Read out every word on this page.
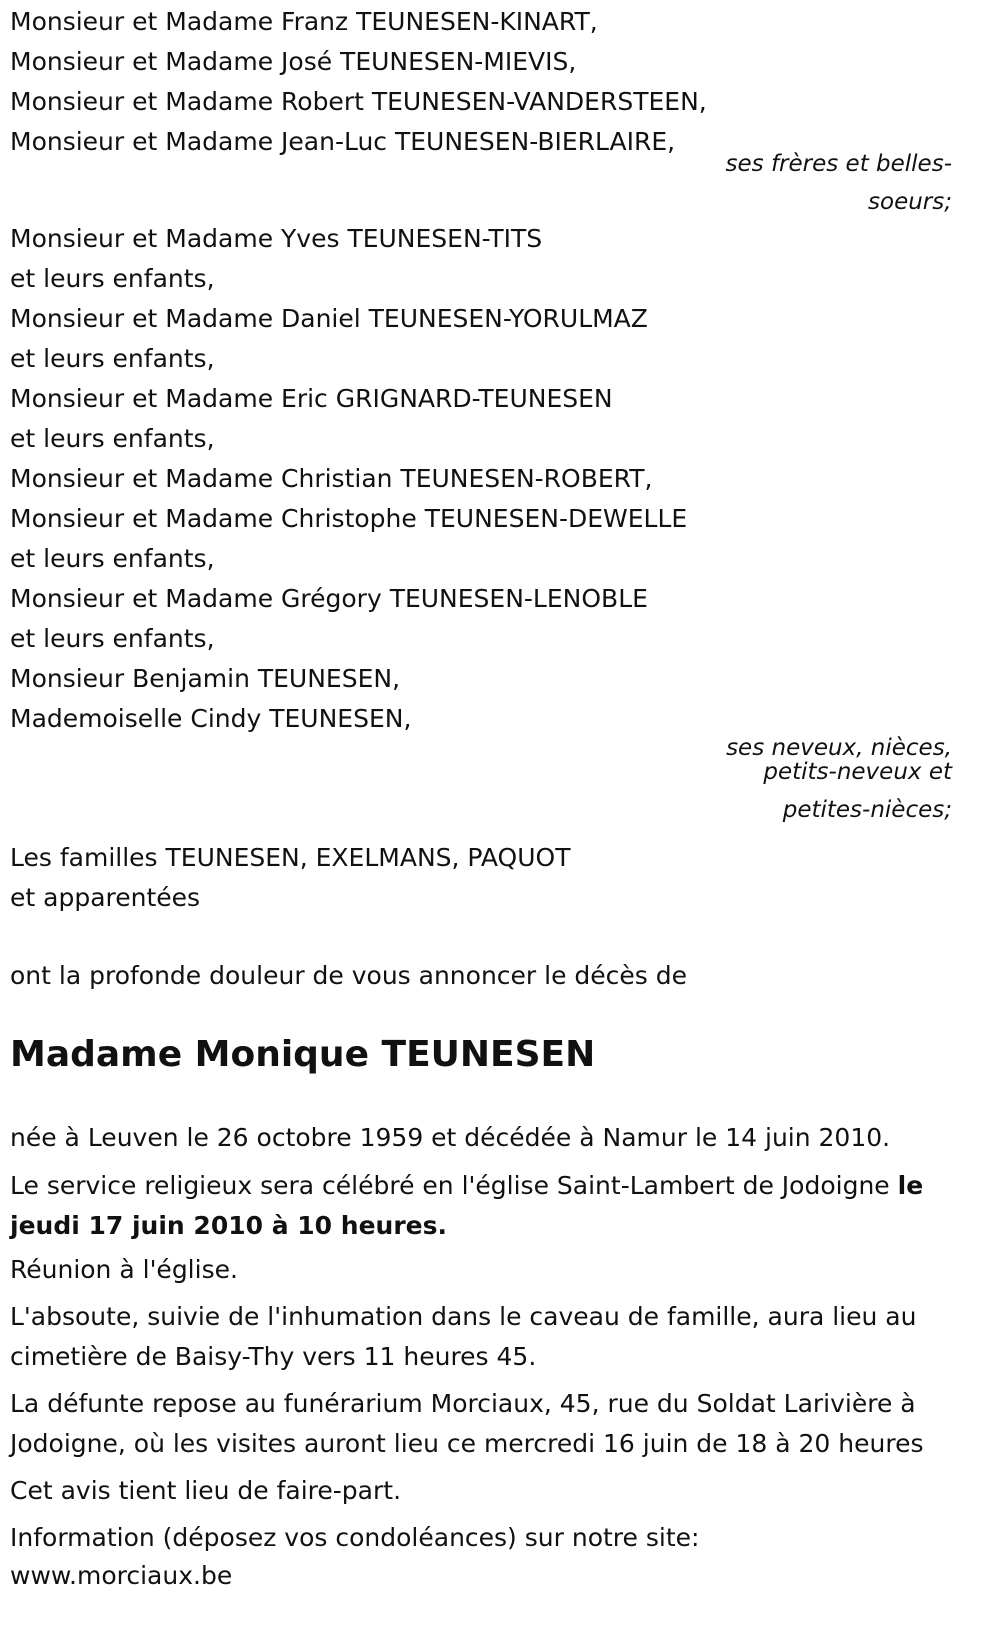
Monsieur et Madame Franz TEUNESEN-KINART,
Monsieur et Madame José TEUNESEN-MIEVIS,
Monsieur et Madame Robert TEUNESEN-VANDERSTEEN,
Monsieur et Madame Jean-Luc TEUNESEN-BIERLAIRE,
ses frères et belles-
soeurs;
Monsieur et Madame Yves TEUNESEN-TITS
et leurs enfants,
Monsieur et Madame Daniel TEUNESEN-YORULMAZ
et leurs enfants,
Monsieur et Madame Eric GRIGNARD-TEUNESEN
et leurs enfants,
Monsieur et Madame Christian TEUNESEN-ROBERT,
Monsieur et Madame Christophe TEUNESEN-DEWELLE
et leurs enfants,
Monsieur et Madame Grégory TEUNESEN-LENOBLE
et leurs enfants,
Monsieur Benjamin TEUNESEN,
Mademoiselle Cindy TEUNESEN,
ses neveux, nièces,
petits-neveux et
petites-nièces;
Les familles TEUNESEN, EXELMANS, PAQUOT
et apparentées
ont la profonde douleur de vous annoncer le décès de
Madame Monique TEUNESEN
née à Leuven le 26 octobre 1959 et décédée à Namur le 14 juin 2010.
Le service religieux sera célébré en l'église Saint-Lambert de Jodoigne le jeudi 17 juin 2010 à 10 heures.
Réunion à l'église.
L'absoute, suivie de l'inhumation dans le caveau de famille, aura lieu au cimetière de Baisy-Thy vers 11 heures 45.
La défunte repose au funérarium Morciaux, 45, rue du Soldat Larivière à Jodoigne, où les visites auront lieu ce mercredi 16 juin de 18 à 20 heures
Cet avis tient lieu de faire-part.
Information (déposez vos condoléances) sur notre site:
www.morciaux.be
